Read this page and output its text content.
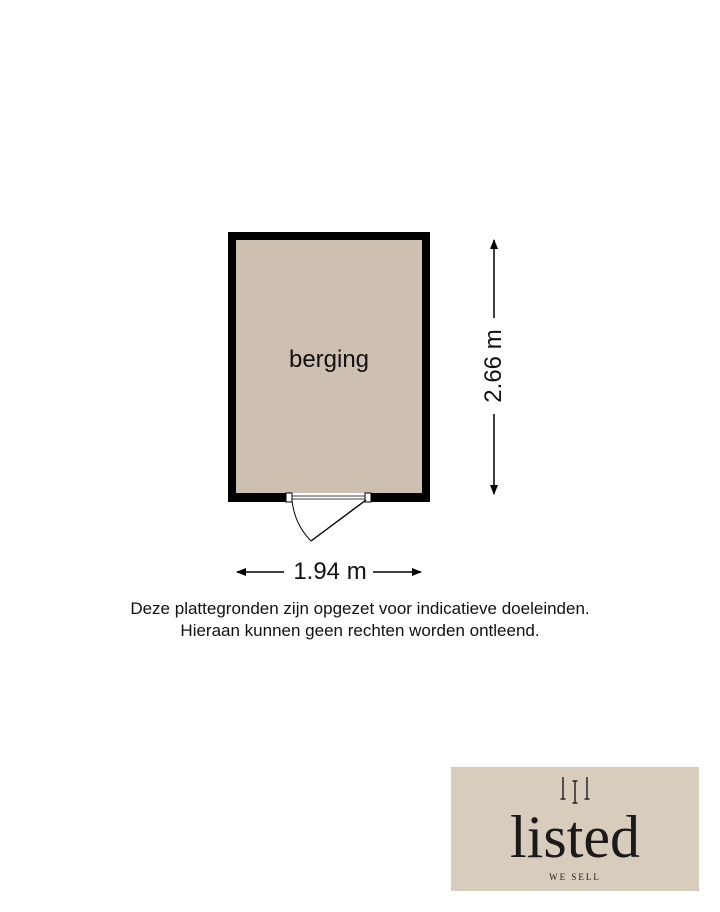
berging
1.94 m
2.66 m
Deze plattegronden zijn opgezet voor indicatieve doeleinden.
Hieraan kunnen geen rechten worden ontleend.
listed
WE SELL
